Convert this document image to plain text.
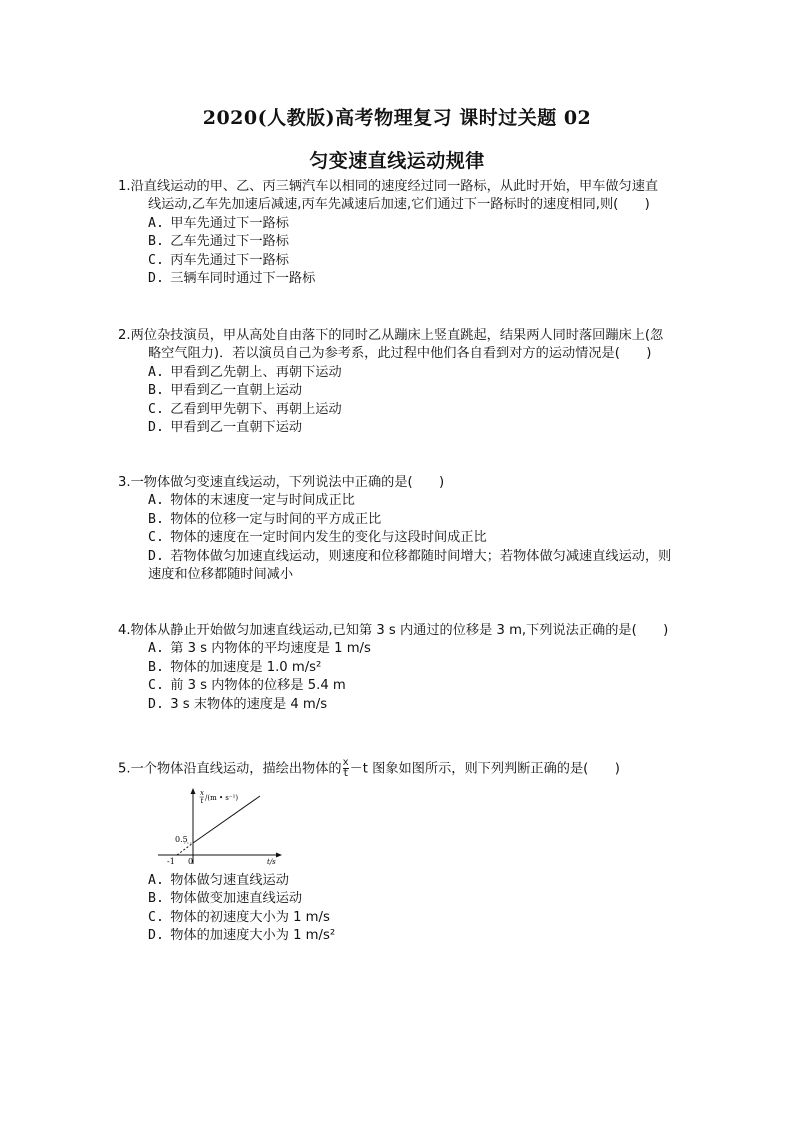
2020(人教版)高考物理复习 课时过关题 02
匀变速直线运动规律
1.沿直线运动的甲、乙、丙三辆汽车以相同的速度经过同一路标，从此时开始，甲车做匀速直
线运动,乙车先加速后减速,丙车先减速后加速,它们通过下一路标时的速度相同,则(　　)
A. 甲车先通过下一路标
B. 乙车先通过下一路标
C. 丙车先通过下一路标
D. 三辆车同时通过下一路标
2.两位杂技演员，甲从高处自由落下的同时乙从蹦床上竖直跳起，结果两人同时落回蹦床上(忽
略空气阻力)．若以演员自己为参考系，此过程中他们各自看到对方的运动情况是(　　)
A. 甲看到乙先朝上、再朝下运动
B. 甲看到乙一直朝上运动
C. 乙看到甲先朝下、再朝上运动
D. 甲看到乙一直朝下运动
3.一物体做匀变速直线运动，下列说法中正确的是(　　)
A. 物体的末速度一定与时间成正比
B. 物体的位移一定与时间的平方成正比
C. 物体的速度在一定时间内发生的变化与这段时间成正比
D. 若物体做匀加速直线运动，则速度和位移都随时间增大；若物体做匀减速直线运动，则
速度和位移都随时间减小
4.物体从静止开始做匀加速直线运动,已知第 3 s 内通过的位移是 3 m,下列说法正确的是(　　)
A. 第 3 s 内物体的平均速度是 1 m/s
B. 物体的加速度是 1.0 m/s²
C. 前 3 s 内物体的位移是 5.4 m
D. 3 s 末物体的速度是 4 m/s
5.一个物体沿直线运动，描绘出物体的 $\frac{x}{t} -t$ 图象如图所示，则下列判断正确的是(　　)
x
t /(m • s⁻¹)
0.5
-1 0	t/s
A. 物体做匀速直线运动
B. 物体做变加速直线运动
C. 物体的初速度大小为 1 m/s
D. 物体的加速度大小为 1 m/s²
